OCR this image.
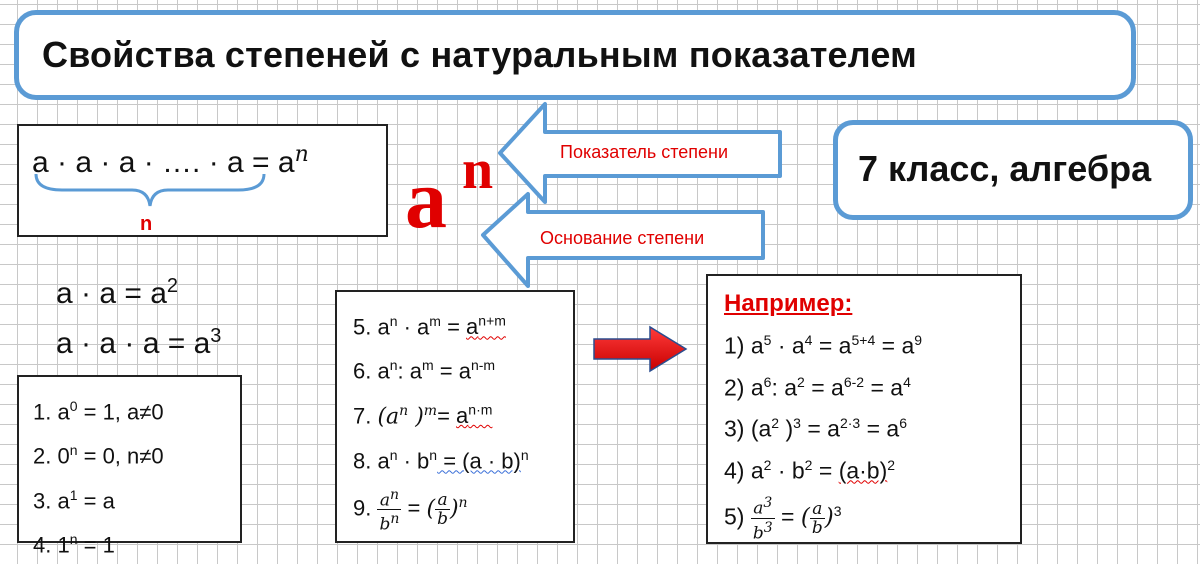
Свойства степеней с натуральным показателем
7 класс, алгебра
a · a · a · …. · $a = a^n$
n	a n	Показатель степени
Основание степени
$a \cdot a = a^2$
$a \cdot a \cdot a = a^3$
1. $a^0 = 1$, a≠0
2. $0^n = 0$, n≠0
3. $a^1 = a$
4. $1^n = 1$
5. $a^n \cdot a^m = a^{n+m}$
6. $a^n$: $a^m = a^{n-m}$
7. ($a^n$ )$^m= a^{n\cdot m}$
8. $a^n \cdot b^n = (a \cdot b)^n$
9. $\frac{a^n}{b^n}$ = ( $\frac{a}{b} )^n$
Например:
1) $a^5 \cdot a^4 = a^{5+4} = a^9$
2) $a^6$: $a^2 = a^{6-2} = a^4$
3) ($a^2$ )$^3 = a^{2\cdot 3} = a^6$
4) $a^2 \cdot b^2 = (a\cdot b)^2$
$5) \frac{a^3}{b^3}$ = ( $\frac{a}{b} )^3$
